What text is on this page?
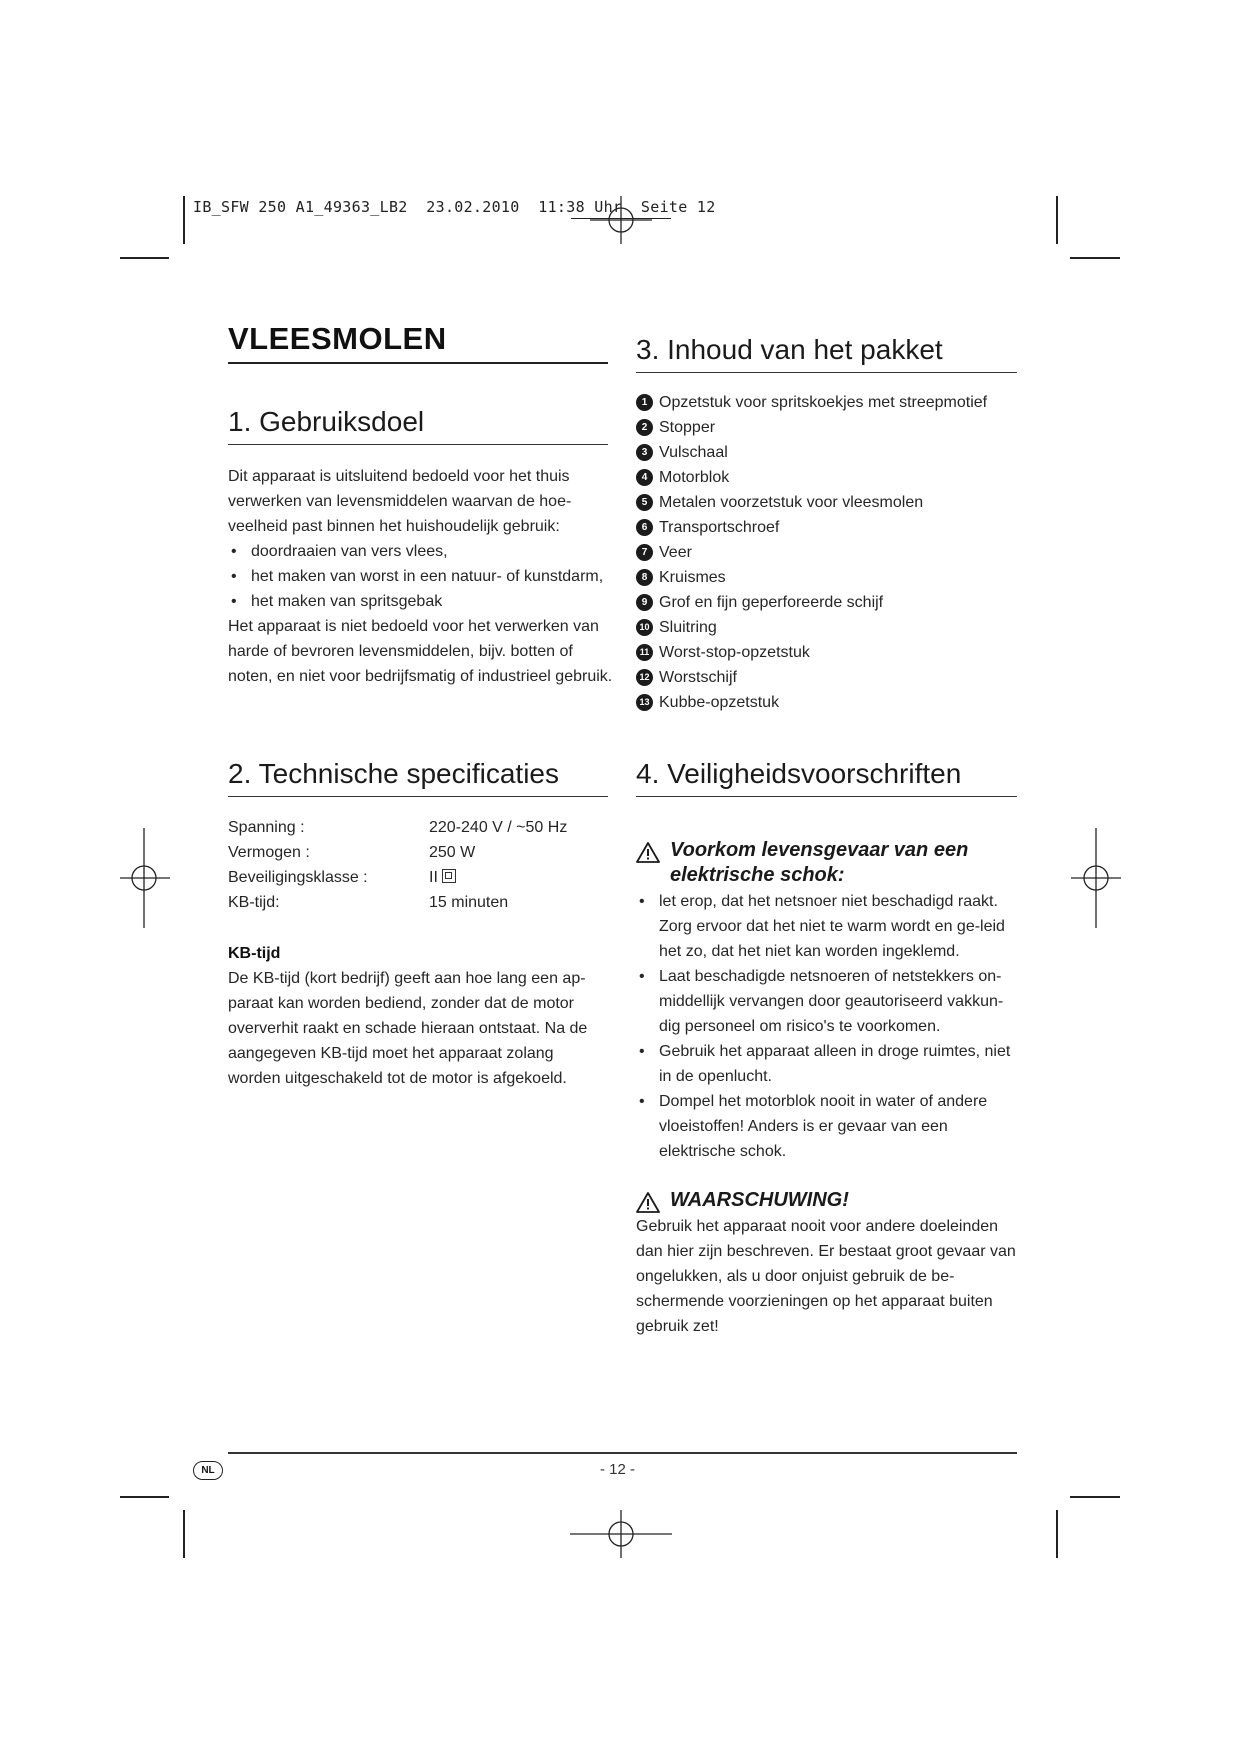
IB_SFW 250 A1_49363_LB2 23.02.2010 11:38 Uhr Seite 12
VLEESMOLEN
1. Gebruiksdoel

Dit apparaat is uitsluitend bedoeld voor het thuis verwerken van levensmiddelen waarvan de hoe-veelheid past binnen het huishoudelijk gebruik:

• doordraaien van vers vlees,
• het maken van worst in een natuur- of kunstdarm,
• het maken van spritsgebak

Het apparaat is niet bedoeld voor het verwerken van harde of bevroren levensmiddelen, bijv. botten of noten, en niet voor bedrijfsmatig of industrieel gebruik.

2. Technische specificaties
Spanning :	220-240 V / ~50 Hz
Vermogen :	250 W
Beveiligingsklasse :	II
KB-tijd:	15 minuten
KB-tijd
De KB-tijd (kort bedrijf) geeft aan hoe lang een ap-paraat kan worden bediend, zonder dat de motor oververhit raakt en schade hieraan ontstaat. Na de aangegeven KB-tijd moet het apparaat zolang worden uitgeschakeld tot de motor is afgekoeld.
3. Inhoud van het pakket
1 Opzetstuk voor spritskoekjes met streepmotief
2 Stopper
3 Vulschaal
4 Motorblok
5 Metalen voorzetstuk voor vleesmolen
6 Transportschroef
7 Veer
8 Kruismes
9 Grof en fijn geperforeerde schijf
10 Sluitring
11 Worst-stop-opzetstuk
12 Worstschijf
13 Kubbe-opzetstuk
4. Veiligheidsvoorschriften
Voorkom levensgevaar van een
elektrische schok:
• let erop, dat het netsnoer niet beschadigd raakt. Zorg ervoor dat het niet te warm wordt en ge-leid het zo, dat het niet kan worden ingeklemd.
• Laat beschadigde netsnoeren of netstekkers on-middellijk vervangen door geautoriseerd vakkun-dig personeel om risico's te voorkomen.
• Gebruik het apparaat alleen in droge ruimtes, niet in de openlucht.
• Dompel het motorblok nooit in water of andere vloeistoffen! Anders is er gevaar van een elektrische schok.
WAARSCHUWING!
Gebruik het apparaat nooit voor andere doeleinden dan hier zijn beschreven. Er bestaat groot gevaar van ongelukken, als u door onjuist gebruik de be-schermende voorzieningen op het apparaat buiten gebruik zet!
NL	- 12 -
